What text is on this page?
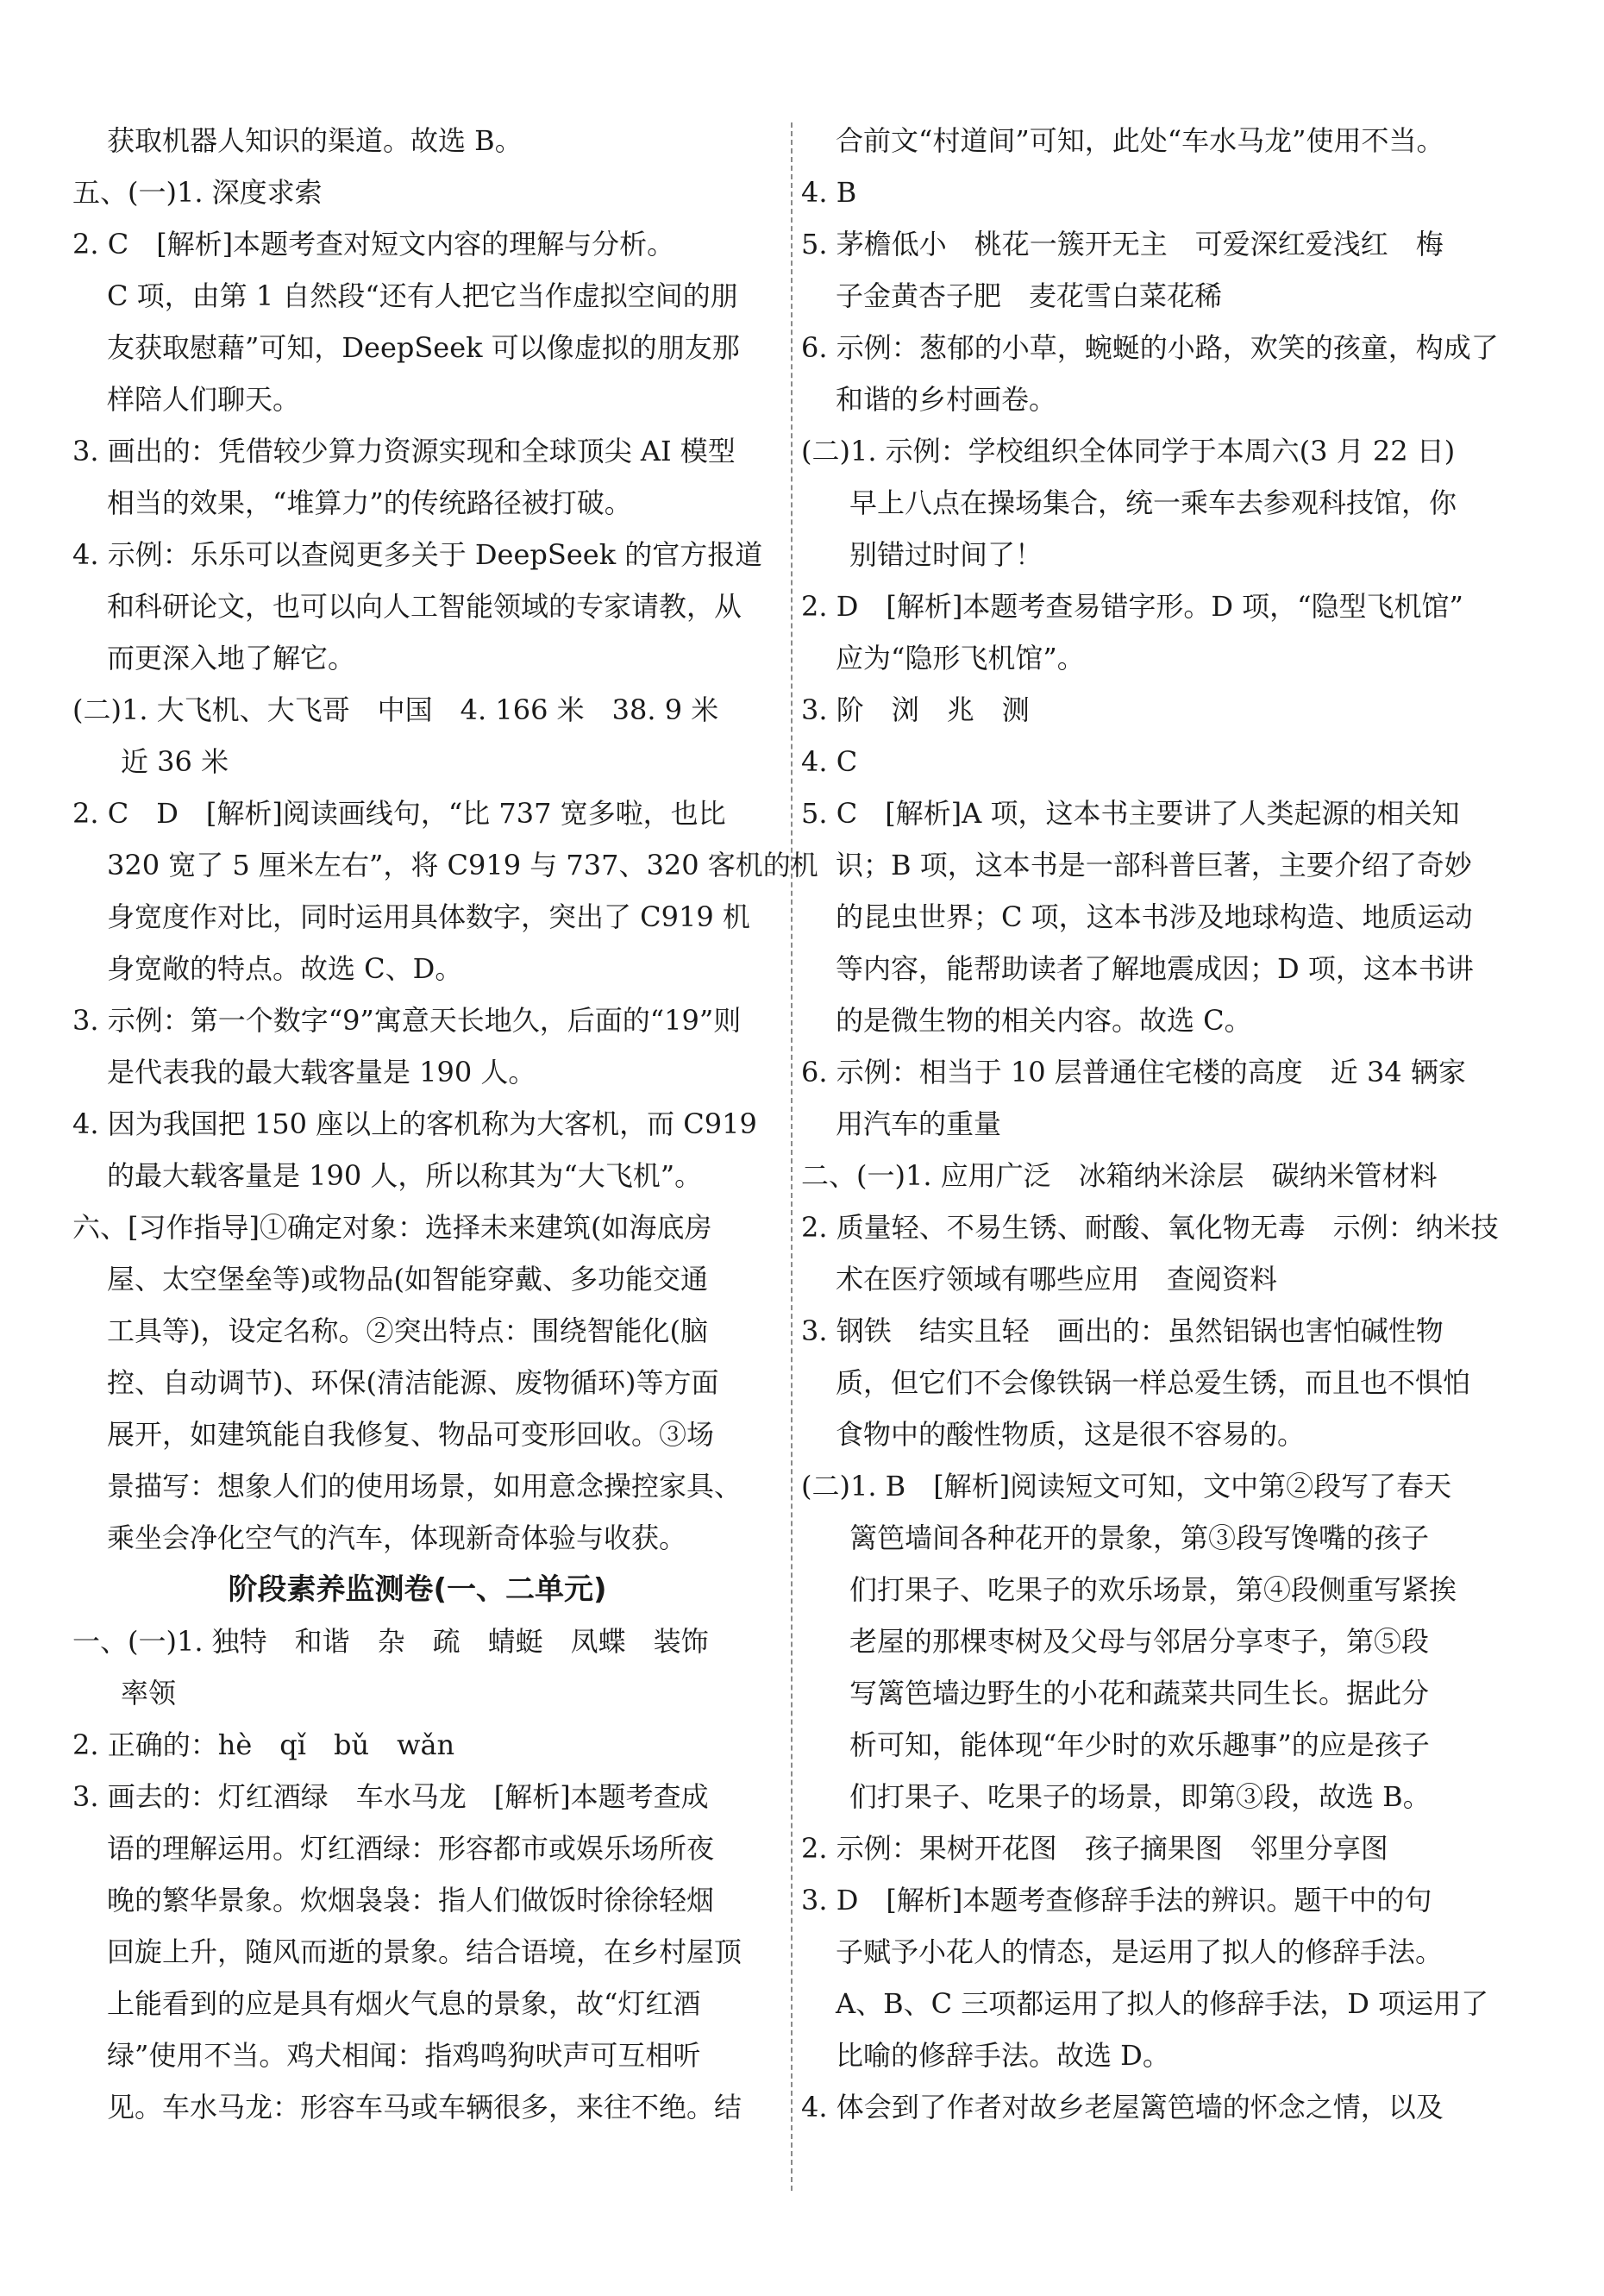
获取机器人知识的渠道。故选 B。
五、(一)1. 深度求索
2. C　[解析]本题考查对短文内容的理解与分析。
C 项，由第 1 自然段“还有人把它当作虚拟空间的朋
友获取慰藉”可知，DeepSeek 可以像虚拟的朋友那
样陪人们聊天。
3. 画出的：凭借较少算力资源实现和全球顶尖 AI 模型
相当的效果，“堆算力”的传统路径被打破。
4. 示例：乐乐可以查阅更多关于 DeepSeek 的官方报道
和科研论文，也可以向人工智能领域的专家请教，从
而更深入地了解它。
(二)1. 大飞机、大飞哥　中国　4. 166 米　38. 9 米
近 36 米
2. C　D　[解析]阅读画线句，“比 737 宽多啦，也比
320 宽了 5 厘米左右”，将 C919 与 737、320 客机的机
身宽度作对比，同时运用具体数字，突出了 C919 机
身宽敞的特点。故选 C、D。
3. 示例：第一个数字“9”寓意天长地久，后面的“19”则
是代表我的最大载客量是 190 人。
4. 因为我国把 150 座以上的客机称为大客机，而 C919
的最大载客量是 190 人，所以称其为“大飞机”。
六、[习作指导]①确定对象：选择未来建筑(如海底房
屋、太空堡垒等)或物品(如智能穿戴、多功能交通
工具等)，设定名称。②突出特点：围绕智能化(脑
控、自动调节)、环保(清洁能源、废物循环)等方面
展开，如建筑能自我修复、物品可变形回收。③场
景描写：想象人们的使用场景，如用意念操控家具、
乘坐会净化空气的汽车，体现新奇体验与收获。
阶段素养监测卷(一、二单元)
一、(一)1. 独特　和谐　杂　疏　蜻蜓　凤蝶　装饰
率领
2. 正确的：hè　qǐ　bǔ　wǎn
3. 画去的：灯红酒绿　车水马龙　[解析]本题考查成
语的理解运用。灯红酒绿：形容都市或娱乐场所夜
晚的繁华景象。炊烟袅袅：指人们做饭时徐徐轻烟
回旋上升，随风而逝的景象。结合语境，在乡村屋顶
上能看到的应是具有烟火气息的景象，故“灯红酒
绿”使用不当。鸡犬相闻：指鸡鸣狗吠声可互相听
见。车水马龙：形容车马或车辆很多，来往不绝。结
合前文“村道间”可知，此处“车水马龙”使用不当。
4. B
5. 茅檐低小　桃花一簇开无主　可爱深红爱浅红　梅
子金黄杏子肥　麦花雪白菜花稀
6. 示例：葱郁的小草，蜿蜒的小路，欢笑的孩童，构成了
和谐的乡村画卷。
(二)1. 示例：学校组织全体同学于本周六(3 月 22 日)
早上八点在操场集合，统一乘车去参观科技馆，你
别错过时间了！
2. D　[解析]本题考查易错字形。D 项，“隐型飞机馆”
应为“隐形飞机馆”。
3. 阶　浏　兆　测
4. C
5. C　[解析]A 项，这本书主要讲了人类起源的相关知
识；B 项，这本书是一部科普巨著，主要介绍了奇妙
的昆虫世界；C 项，这本书涉及地球构造、地质运动
等内容，能帮助读者了解地震成因；D 项，这本书讲
的是微生物的相关内容。故选 C。
6. 示例：相当于 10 层普通住宅楼的高度　近 34 辆家
用汽车的重量
二、(一)1. 应用广泛　冰箱纳米涂层　碳纳米管材料
2. 质量轻、不易生锈、耐酸、氧化物无毒　示例：纳米技
术在医疗领域有哪些应用　查阅资料
3. 钢铁　结实且轻　画出的：虽然铝锅也害怕碱性物
质，但它们不会像铁锅一样总爱生锈，而且也不惧怕
食物中的酸性物质，这是很不容易的。
(二)1. B　[解析]阅读短文可知，文中第②段写了春天
篱笆墙间各种花开的景象，第③段写馋嘴的孩子
们打果子、吃果子的欢乐场景，第④段侧重写紧挨
老屋的那棵枣树及父母与邻居分享枣子，第⑤段
写篱笆墙边野生的小花和蔬菜共同生长。据此分
析可知，能体现“年少时的欢乐趣事”的应是孩子
们打果子、吃果子的场景，即第③段，故选 B。
2. 示例：果树开花图　孩子摘果图　邻里分享图
3. D　[解析]本题考查修辞手法的辨识。题干中的句
子赋予小花人的情态，是运用了拟人的修辞手法。
A、B、C 三项都运用了拟人的修辞手法，D 项运用了
比喻的修辞手法。故选 D。
4. 体会到了作者对故乡老屋篱笆墙的怀念之情，以及
